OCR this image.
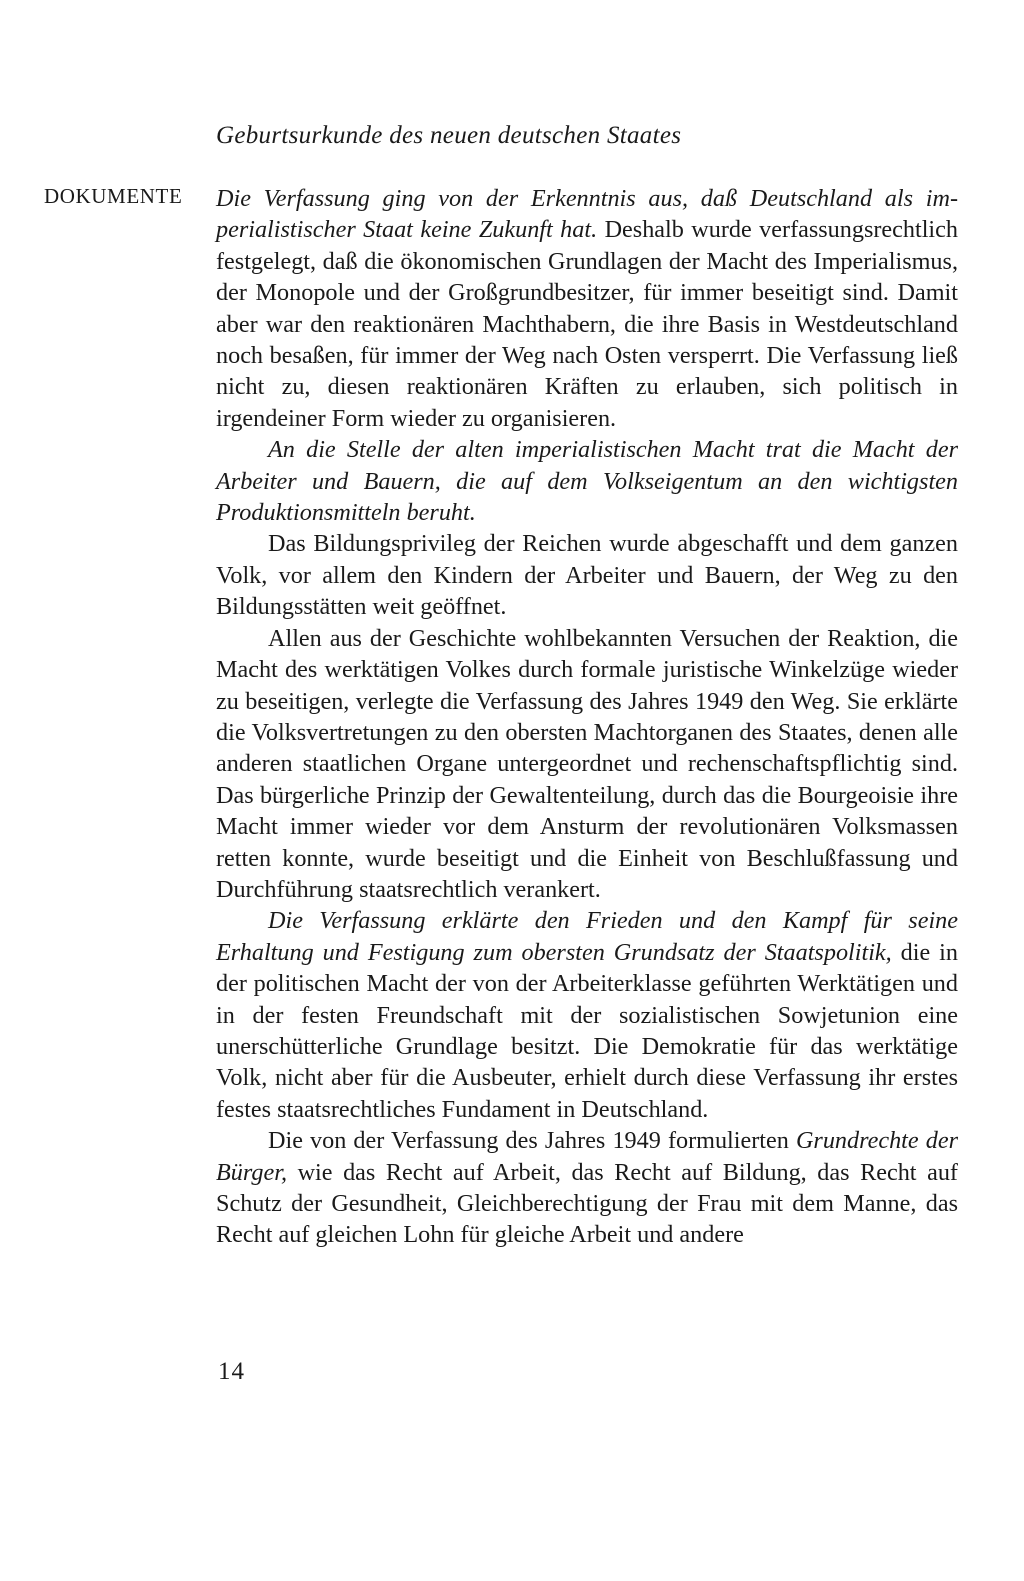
Geburtsurkunde des neuen deutschen Staates
DOKUMENTE Die Verfassung ging von der Erkenntnis aus, daß Deutschland als imperialistischer Staat keine Zukunft hat. Deshalb wurde verfassungsrechtlich festgelegt, daß die ökonomischen Grundlagen der Macht des Imperialismus, der Monopole und der Großgrundbesitzer, für immer beseitigt sind. Damit aber war den reaktionären Machthabern, die ihre Basis in Westdeutschland noch besaßen, für immer der Weg nach Osten versperrt. Die Verfassung ließ nicht zu, diesen reaktionären Kräften zu erlauben, sich politisch in irgendeiner Form wieder zu organisieren.

An die Stelle der alten imperialistischen Macht trat die Macht der Arbeiter und Bauern, die auf dem Volkseigentum an den wichtigsten Produktionsmitteln beruht.

Das Bildungsprivileg der Reichen wurde abgeschafft und dem ganzen Volk, vor allem den Kindern der Arbeiter und Bauern, der Weg zu den Bildungsstätten weit geöffnet.

Allen aus der Geschichte wohlbekannten Versuchen der Reaktion, die Macht des werktätigen Volkes durch formale juristische Winkelzüge wieder zu beseitigen, verlegte die Verfassung des Jahres 1949 den Weg. Sie erklärte die Volksvertretungen zu den obersten Machtorganen des Staates, denen alle anderen staatlichen Organe untergeordnet und rechenschaftspflichtig sind. Das bürgerliche Prinzip der Gewaltenteilung, durch das die Bourgeoisie ihre Macht immer wieder vor dem Ansturm der revolutionären Volksmassen retten konnte, wurde beseitigt und die Einheit von Beschlußfassung und Durchführung staatsrechtlich verankert.

Die Verfassung erklärte den Frieden und den Kampf für seine Erhaltung und Festigung zum obersten Grundsatz der Staatspolitik, die in der politischen Macht der von der Arbeiterklasse geführten Werktätigen und in der festen Freundschaft mit der sozialistischen Sowjetunion eine unerschütterliche Grundlage besitzt. Die Demokratie für das werktätige Volk, nicht aber für die Ausbeuter, erhielt durch diese Verfassung ihr erstes festes staatsrechtliches Fundament in Deutschland.

Die von der Verfassung des Jahres 1949 formulierten Grundrechte der Bürger, wie das Recht auf Arbeit, das Recht auf Bildung, das Recht auf Schutz der Gesundheit, Gleichberechtigung der Frau mit dem Manne, das Recht auf gleichen Lohn für gleiche Arbeit und andere

14
